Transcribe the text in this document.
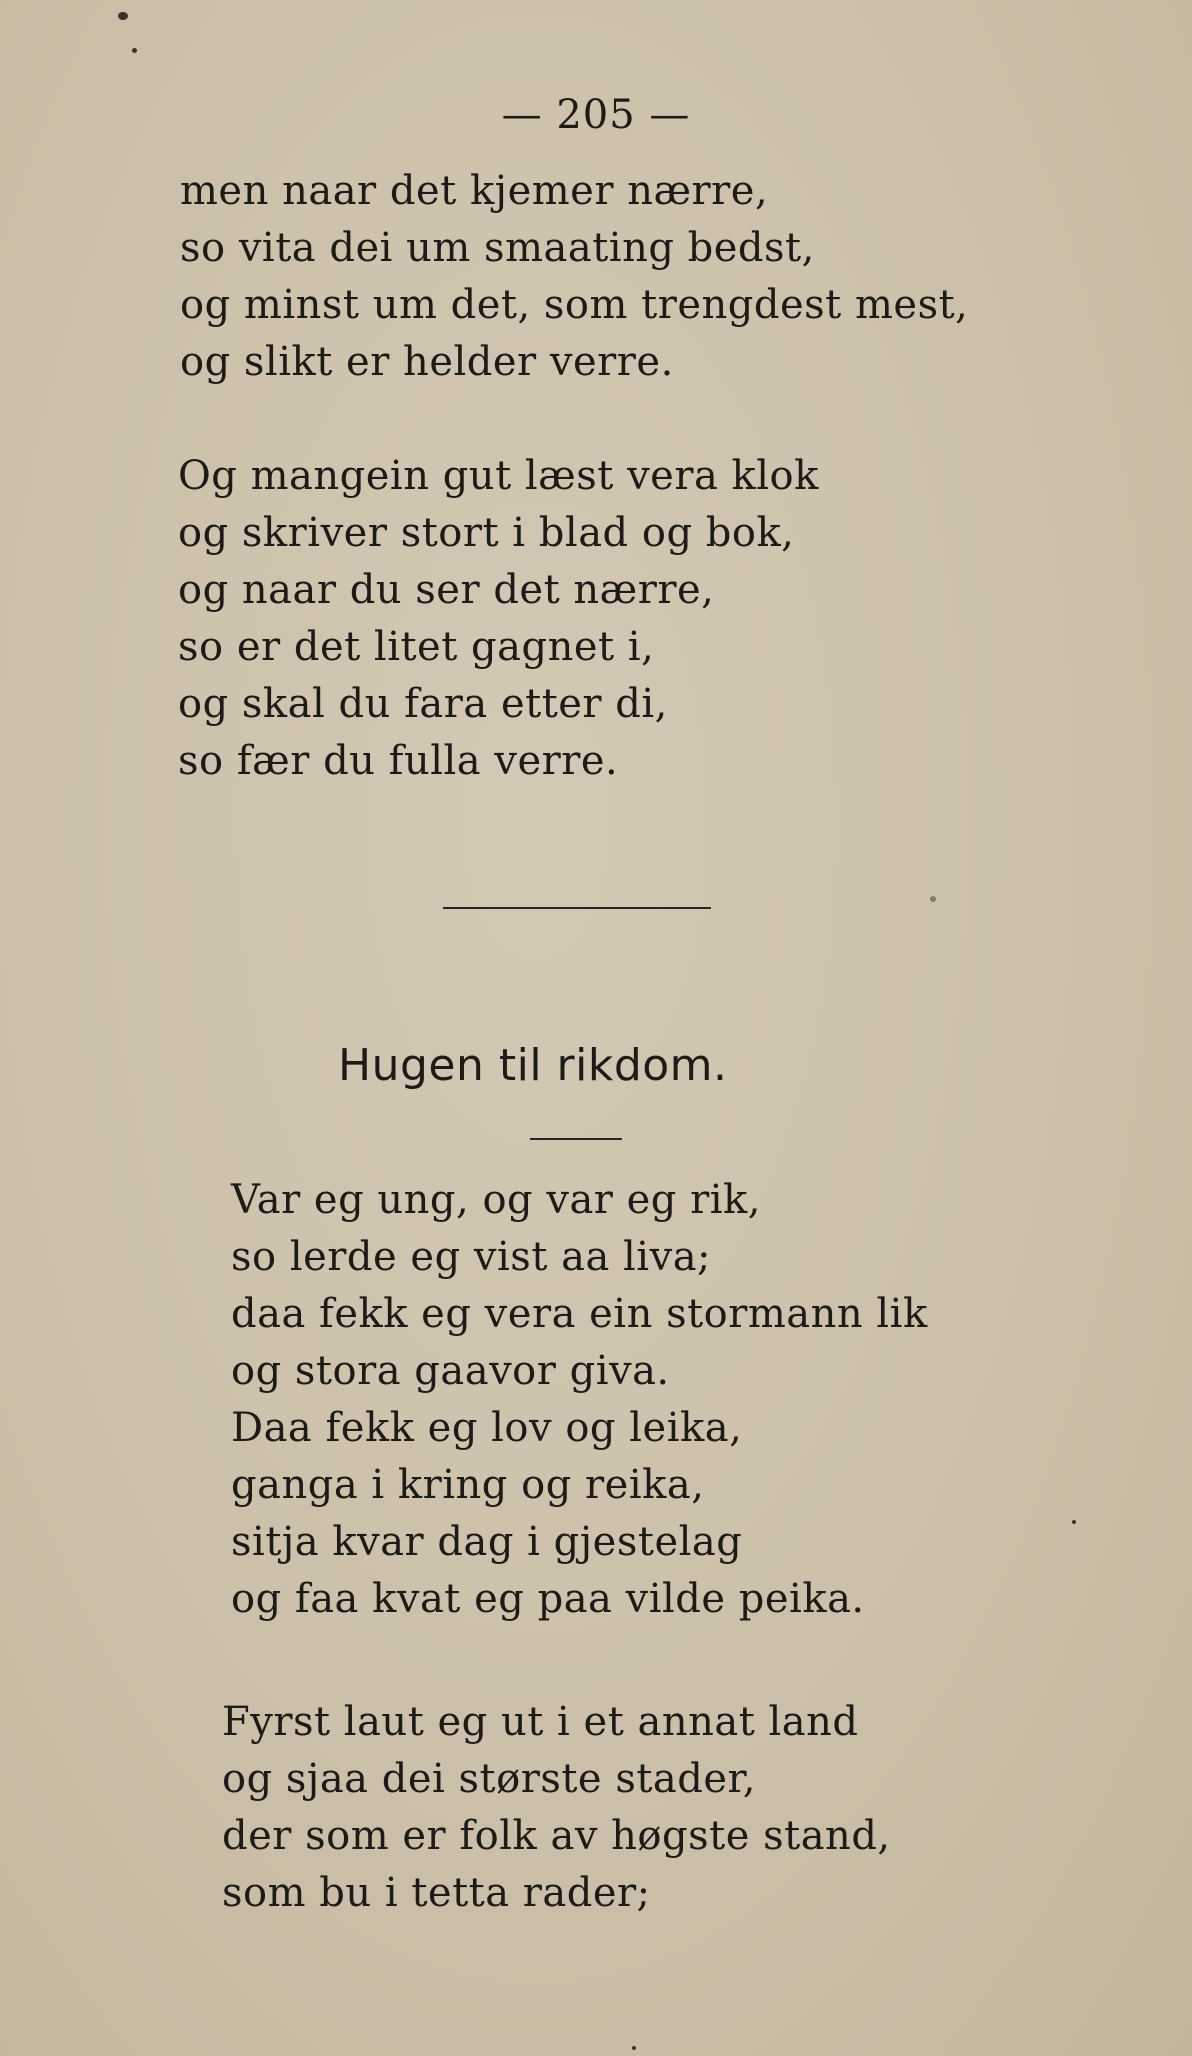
— 205 —
men naar det kjemer nærre,
so vita dei um smaating bedst,
og minst um det, som trengdest mest,
og slikt er helder verre.
Og mangein gut læst vera klok
og skriver stort i blad og bok,
og naar du ser det nærre,
so er det litet gagnet i,
og skal du fara etter di,
so fær du fulla verre.
Hugen til rikdom.
Var eg ung, og var eg rik,
so lerde eg vist aa liva;
daa fekk eg vera ein stormann lik
og stora gaavor giva.
Daa fekk eg lov og leika,
ganga i kring og reika,
sitja kvar dag i gjestelag
og faa kvat eg paa vilde peika.
Fyrst laut eg ut i et annat land
og sjaa dei største stader,
der som er folk av høgste stand,
som bu i tetta rader;
